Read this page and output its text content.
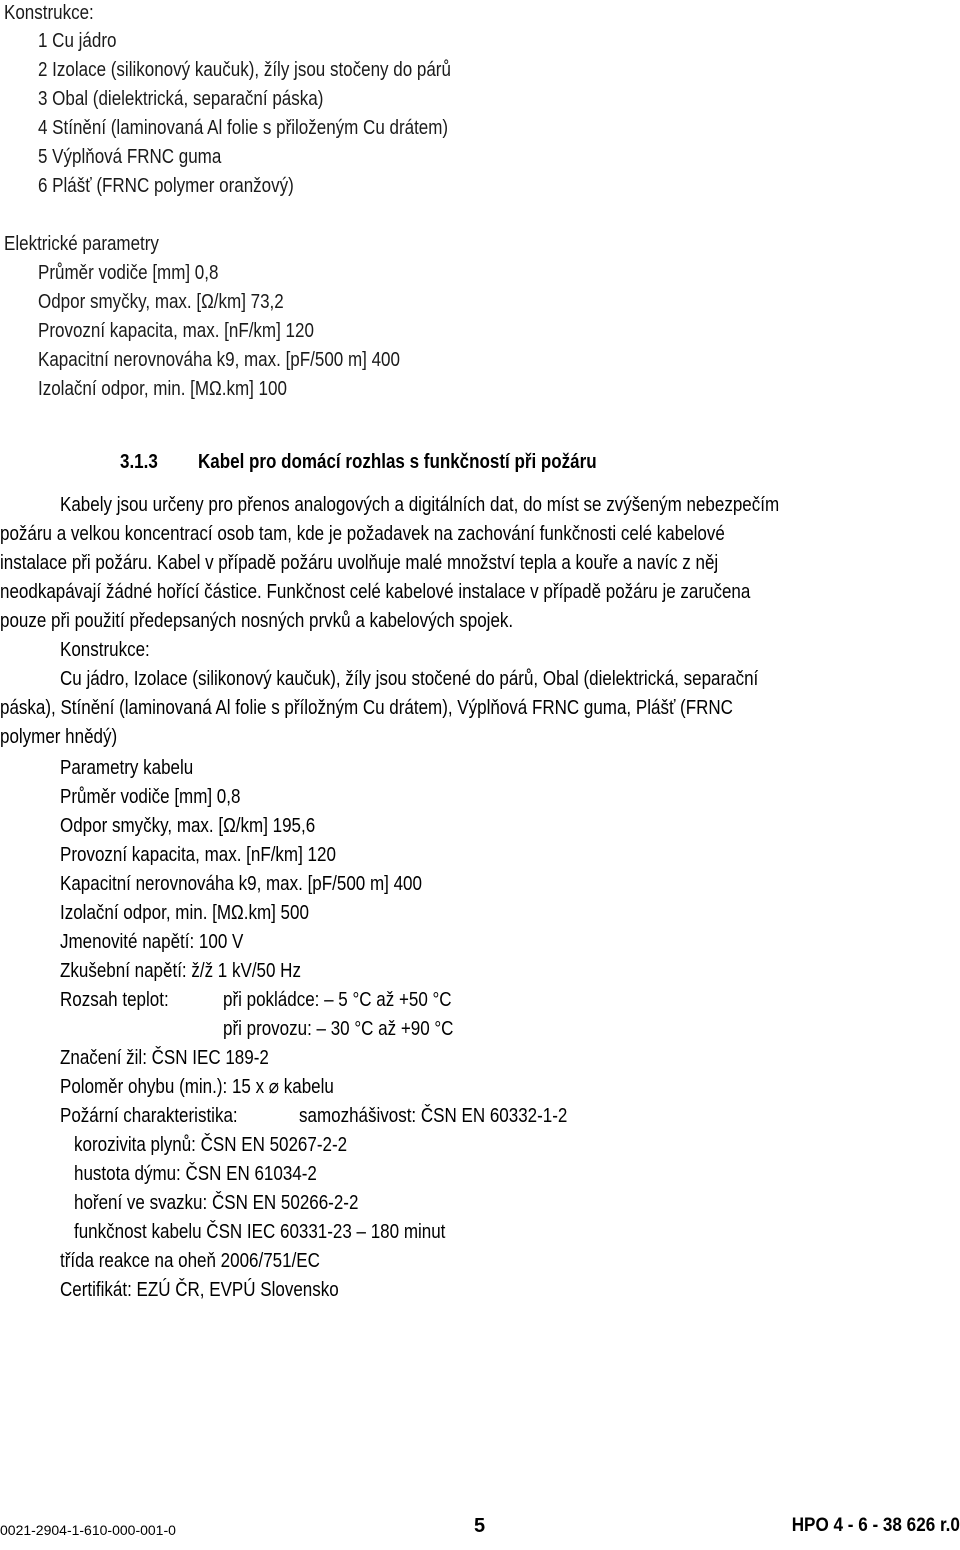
Konstrukce:
1 Cu jádro
2 Izolace (silikonový kaučuk), žíly jsou stočeny do párů
3 Obal (dielektrická, separační páska)
4 Stínění (laminovaná Al folie s přiloženým Cu drátem)
5 Výplňová FRNC guma
6 Plášť (FRNC polymer oranžový)
Elektrické parametry
Průměr vodiče [mm] 0,8
Odpor smyčky, max. [Ω/km] 73,2
Provozní kapacita, max. [nF/km] 120
Kapacitní nerovnováha k9, max. [pF/500 m] 400
Izolační odpor, min. [MΩ.km] 100
3.1.3 Kabel pro domácí rozhlas s funkčností při požáru
Kabely jsou určeny pro přenos analogových a digitálních dat, do míst se zvýšeným nebezpečím
požáru a velkou koncentrací osob tam, kde je požadavek na zachování funkčnosti celé kabelové
instalace při požáru. Kabel v případě požáru uvolňuje malé množství tepla a kouře a navíc z něj
neodkapávají žádné hořící částice. Funkčnost celé kabelové instalace v případě požáru je zaručena
pouze při použití předepsaných nosných prvků a kabelových spojek.
Konstrukce:
Cu jádro, Izolace (silikonový kaučuk), žíly jsou stočené do párů, Obal (dielektrická, separační
páska), Stínění (laminovaná Al folie s příložným Cu drátem), Výplňová FRNC guma, Plášť (FRNC
polymer hnědý)
Parametry kabelu
Průměr vodiče [mm] 0,8
Odpor smyčky, max. [Ω/km] 195,6
Provozní kapacita, max. [nF/km] 120
Kapacitní nerovnováha k9, max. [pF/500 m] 400
Izolační odpor, min. [MΩ.km] 500
Jmenovité napětí: 100 V
Zkušební napětí: ž/ž 1 kV/50 Hz
Rozsah teplot:	při pokládce: – 5 °C až +50 °C
při provozu: – 30 °C až +90 °C
Značení žil: ČSN IEC 189-2
Poloměr ohybu (min.): 15 x ⌀ kabelu
Požární charakteristika:	samozhášivost: ČSN EN 60332-1-2
korozivita plynů: ČSN EN 50267-2-2
hustota dýmu: ČSN EN 61034-2
hoření ve svazku: ČSN EN 50266-2-2
funkčnost kabelu ČSN IEC 60331-23 – 180 minut
třída reakce na oheň 2006/751/EC
Certifikát: EZÚ ČR, EVPÚ Slovensko
0021-2904-1-610-000-001-0	5	HPO 4 - 6 - 38 626 r.0
